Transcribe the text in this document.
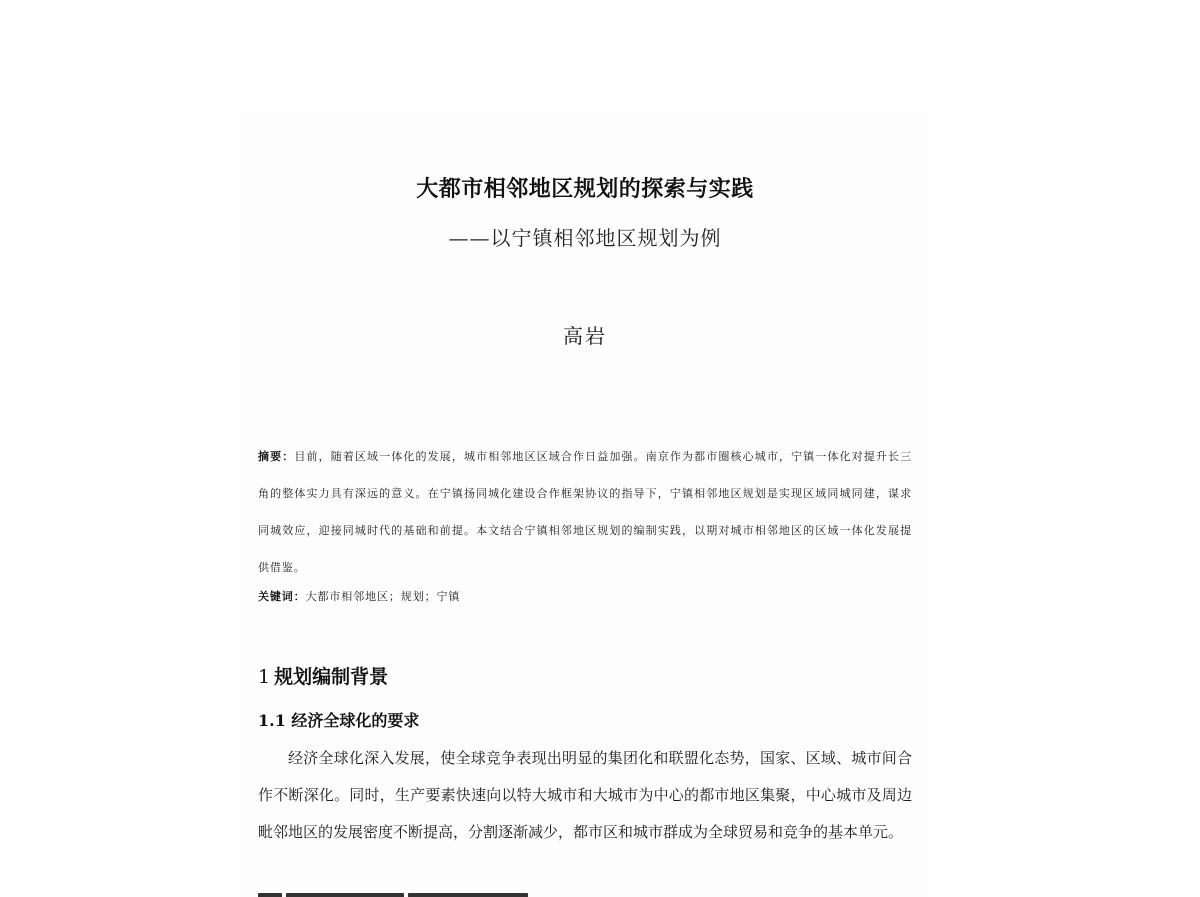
大都市相邻地区规划的探索与实践
——以宁镇相邻地区规划为例
高岩
摘要：目前，随着区域一体化的发展，城市相邻地区区域合作日益加强。南京作为都市圈核心城市，宁镇一体化对提升长三角的整体实力具有深远的意义。在宁镇扬同城化建设合作框架协议的指导下，宁镇相邻地区规划是实现区域同城同建，谋求同城效应，迎接同城时代的基础和前提。本文结合宁镇相邻地区规划的编制实践，以期对城市相邻地区的区域一体化发展提供借鉴。
关键词：大都市相邻地区；规划；宁镇
1 规划编制背景
1.1 经济全球化的要求
经济全球化深入发展，使全球竞争表现出明显的集团化和联盟化态势，国家、区域、城市间合作不断深化。同时，生产要素快速向以特大城市和大城市为中心的都市地区集聚，中心城市及周边毗邻地区的发展密度不断提高，分割逐渐减少，都市区和城市群成为全球贸易和竞争的基本单元。
